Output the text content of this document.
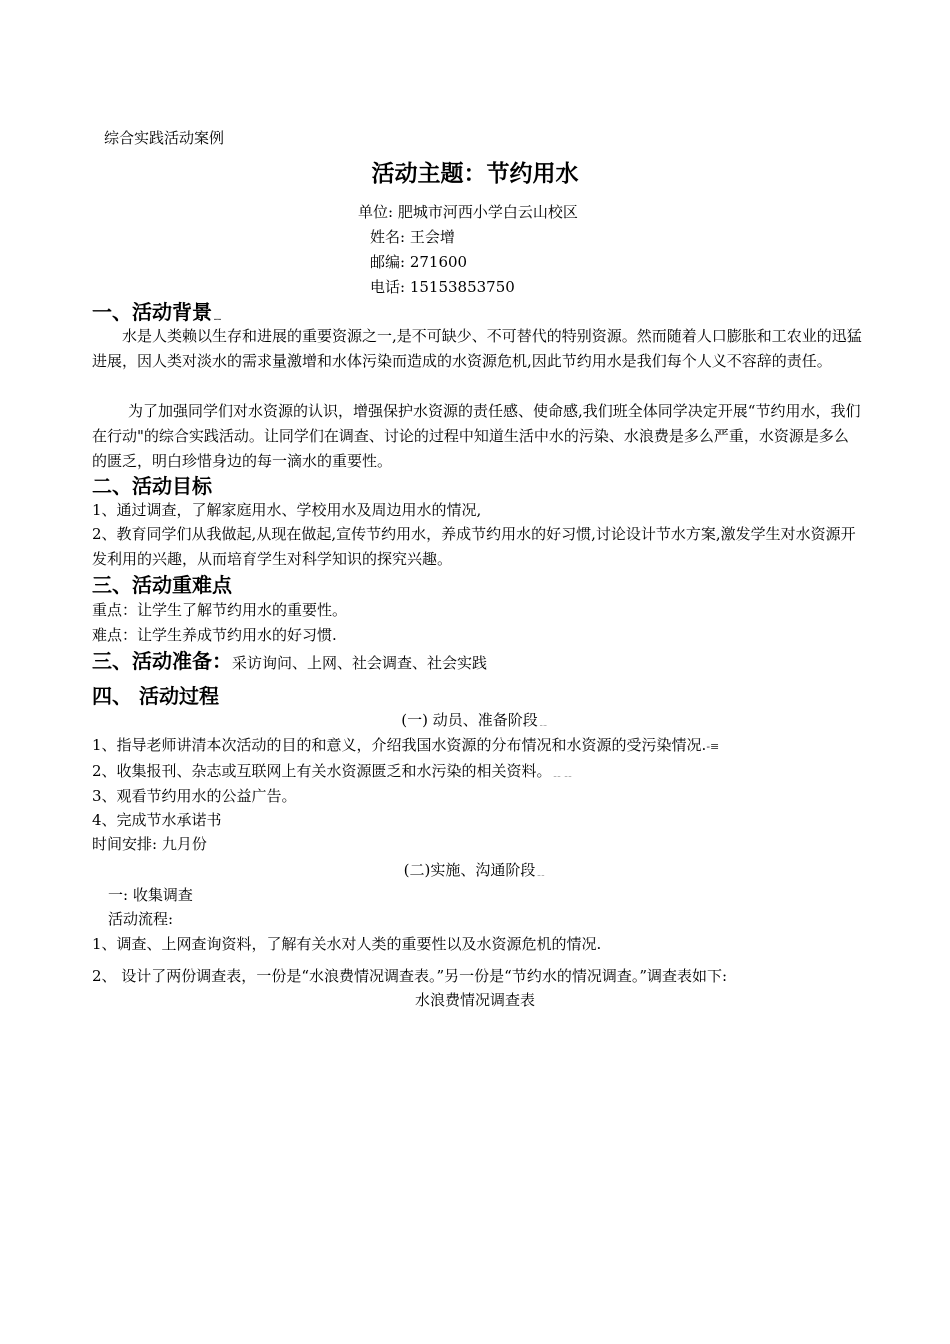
综合实践活动案例
活动主题：节约用水
单位: 肥城市河西小学白云山校区
姓名: 王会增
邮编: 271600
电话: 15153853750
一、活动背景﹎
水是人类赖以生存和进展的重要资源之一,是不可缺少、不可替代的特别资源。然而随着人口膨胀和工农业的迅猛进展，因人类对淡水的需求量激增和水体污染而造成的水资源危机,因此节约用水是我们每个人义不容辞的责任。
为了加强同学们对水资源的认识，增强保护水资源的责任感、使命感,我们班全体同学决定开展“节约用水，我们在行动"的综合实践活动。让同学们在调查、讨论的过程中知道生活中水的污染、水浪费是多么严重，水资源是多么的匮乏，明白珍惜身边的每一滴水的重要性。
二、活动目标
1、通过调查，了解家庭用水、学校用水及周边用水的情况,
2、教育同学们从我做起,从现在做起,宣传节约用水，养成节约用水的好习惯,讨论设计节水方案,激发学生对水资源开发利用的兴趣，从而培育学生对科学知识的探究兴趣。
三、活动重难点
重点：让学生了解节约用水的重要性。
难点：让学生养成节约用水的好习惯.
三、活动准备：采访询问、上网、社会调查、社会实践
四、 活动过程
(一) 动员、准备阶段﹎
1、指导老师讲清本次活动的目的和意义，介绍我国水资源的分布情况和水资源的受污染情况.-≡
2、收集报刊、杂志或互联网上有关水资源匮乏和水污染的相关资料。﹎﹎
3、观看节约用水的公益广告。
4、完成节水承诺书
时间安排: 九月份
(二)实施、沟通阶段﹎
一: 收集调查
活动流程:
1、调查、上网查询资料，了解有关水对人类的重要性以及水资源危机的情况.
2、 设计了两份调查表，一份是“水浪费情况调查表。”另一份是“节约水的情况调查。”调查表如下:
水浪费情况调查表
